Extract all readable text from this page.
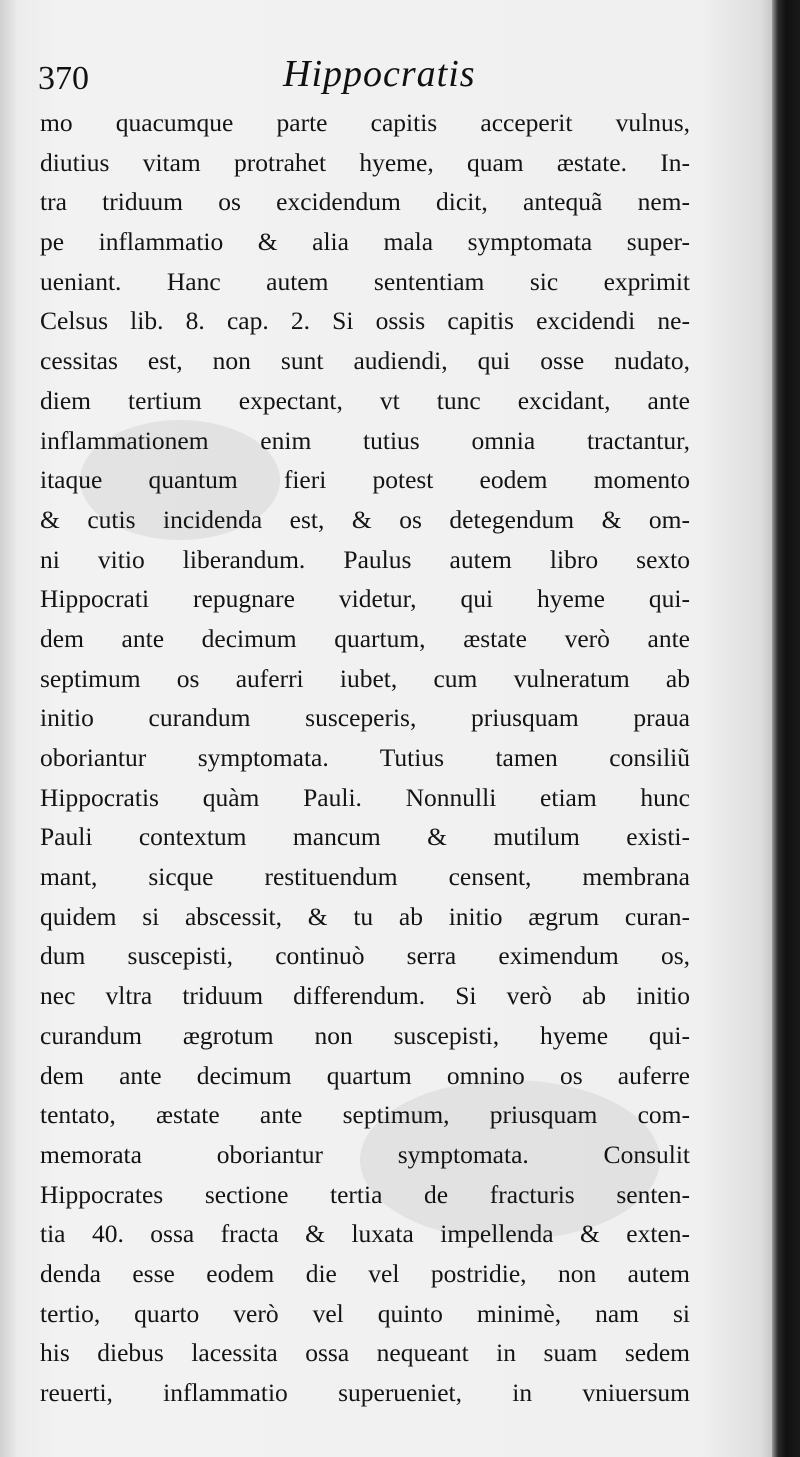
370	Hippocratis
mo quacumque parte capitis acceperit vulnus,
diutius vitam protrahet hyeme, quam æstate. In-
tra triduum os excidendum dicit, antequã nem-
pe inflammatio & alia mala symptomata super-
ueniant. Hanc autem sententiam sic exprimit
Celsus lib. 8. cap. 2. Si ossis capitis excidendi ne-
cessitas est, non sunt audiendi, qui osse nudato,
diem tertium expectant, vt tunc excidant, ante
inflammationem enim tutius omnia tractantur,
itaque quantum fieri potest eodem momento
& cutis incidenda est, & os detegendum & om-
ni vitio liberandum. Paulus autem libro sexto
Hippocrati repugnare videtur, qui hyeme qui-
dem ante decimum quartum, æstate verò ante
septimum os auferri iubet, cum vulneratum ab
initio curandum susceperis, priusquam praua
oboriantur symptomata. Tutius tamen consiliũ
Hippocratis quàm Pauli. Nonnulli etiam hunc
Pauli contextum mancum & mutilum existi-
mant, sicque restituendum censent, membrana
quidem si abscessit, & tu ab initio ægrum curan-
dum suscepisti, continuò serra eximendum os,
nec vltra triduum differendum. Si verò ab initio
curandum ægrotum non suscepisti, hyeme qui-
dem ante decimum quartum omnino os auferre
tentato, æstate ante septimum, priusquam com-
memorata oboriantur symptomata. Consulit
Hippocrates sectione tertia de fracturis senten-
tia 40. ossa fracta & luxata impellenda & exten-
denda esse eodem die vel postridie, non autem
tertio, quarto verò vel quinto minimè, nam si
his diebus lacessita ossa nequeant in suam sedem
reuerti, inflammatio superueniet, in vniuersum
